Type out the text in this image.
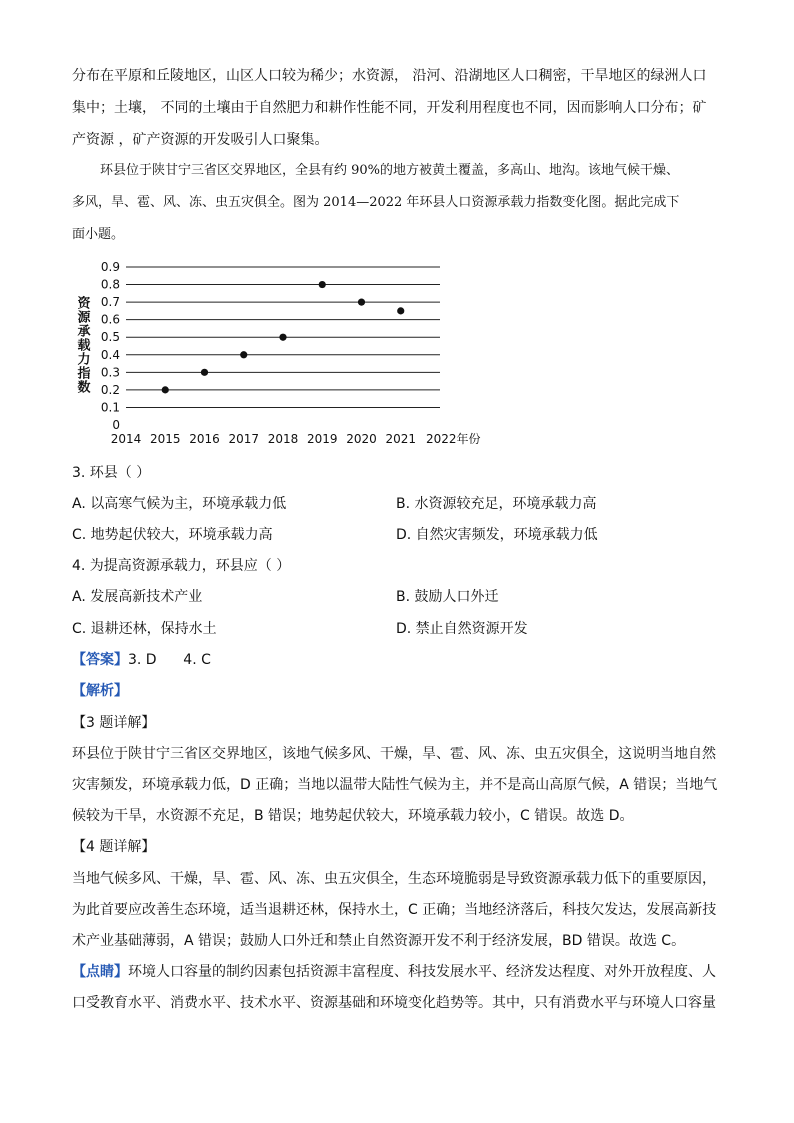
分布在平原和丘陵地区，山区人口较为稀少；水资源， 沿河、沿湖地区人口稠密，干旱地区的绿洲人口
集中；土壤， 不同的土壤由于自然肥力和耕作性能不同，开发利用程度也不同，因而影响人口分布；矿
产资源 ，矿产资源的开发吸引人口聚集。
环县位于陕甘宁三省区交界地区，全县有约 90%的地方被黄土覆盖，多高山、地沟。该地气候干燥、
多风，旱、雹、风、冻、虫五灾俱全。图为 2014—2022 年环县人口资源承载力指数变化图。据此完成下
面小题。
0
0.1
0.2
0.3
0.4
0.5
0.6
0.7
0.8
0.9
2014 2015 2016 2017 2018 2019 2020 2021 2022年份
资源承载力指数
3. 环县（ ）
A. 以高寒气候为主，环境承载力低	B. 水资源较充足，环境承载力高
C. 地势起伏较大，环境承载力高	D. 自然灾害频发，环境承载力低
4. 为提高资源承载力，环县应（ ）
A. 发展高新技术产业	B. 鼓励人口外迁
C. 退耕还林，保持水土	D. 禁止自然资源开发
【答案】3. D      4. C
【解析】
【3 题详解】
环县位于陕甘宁三省区交界地区，该地气候多风、干燥，旱、雹、风、冻、虫五灾俱全，这说明当地自然
灾害频发，环境承载力低，D 正确；当地以温带大陆性气候为主，并不是高山高原气候，A 错误；当地气
候较为干旱，水资源不充足，B 错误；地势起伏较大，环境承载力较小，C 错误。故选 D。
【4 题详解】
当地气候多风、干燥，旱、雹、风、冻、虫五灾俱全，生态环境脆弱是导致资源承载力低下的重要原因，
为此首要应改善生态环境，适当退耕还林，保持水土，C 正确；当地经济落后，科技欠发达，发展高新技
术产业基础薄弱，A 错误；鼓励人口外迁和禁止自然资源开发不利于经济发展，BD 错误。故选 C。
【点睛】环境人口容量的制约因素包括资源丰富程度、科技发展水平、经济发达程度、对外开放程度、人
口受教育水平、消费水平、技术水平、资源基础和环境变化趋势等。其中，只有消费水平与环境人口容量
